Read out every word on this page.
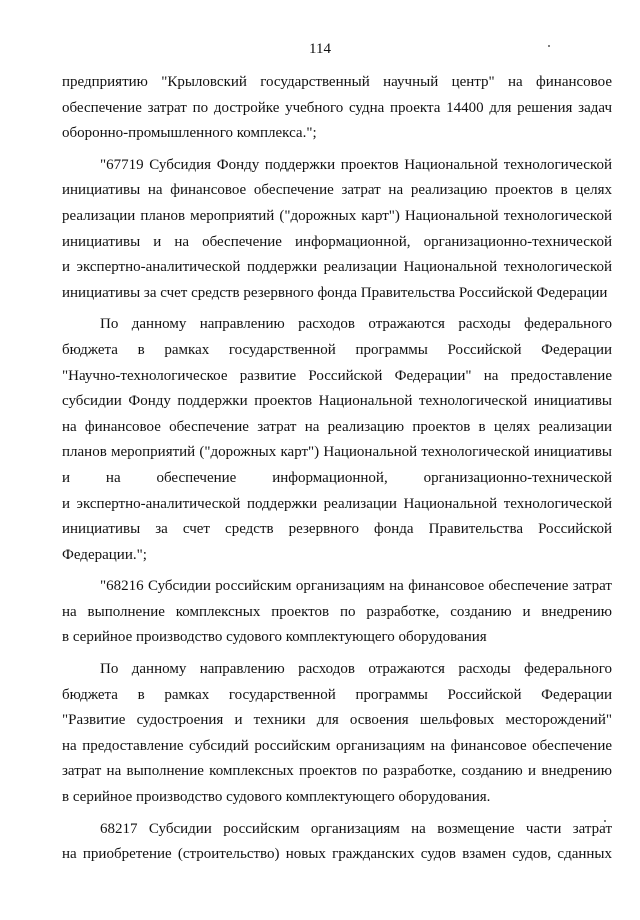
114

предприятию "Крыловский государственный научный центр" на финансовое
обеспечение затрат по достройке учебного судна проекта 14400 для решения задач
оборонно-промышленного комплекса.";

"67719 Субсидия Фонду поддержки проектов Национальной технологической
инициативы на финансовое обеспечение затрат на реализацию проектов в целях
реализации планов мероприятий ("дорожных карт") Национальной технологической
инициативы и на обеспечение информационной, организационно-технической
и экспертно-аналитической поддержки реализации Национальной технологической
инициативы за счет средств резервного фонда Правительства Российской Федерации

По данному направлению расходов отражаются расходы федерального
бюджета в рамках государственной программы Российской Федерации
"Научно-технологическое развитие Российской Федерации" на предоставление
субсидии Фонду поддержки проектов Национальной технологической инициативы
на финансовое обеспечение затрат на реализацию проектов в целях реализации
планов мероприятий ("дорожных карт") Национальной технологической инициативы
и на обеспечение информационной, организационно-технической
и экспертно-аналитической поддержки реализации Национальной технологической
инициативы за счет средств резервного фонда Правительства Российской
Федерации.";

"68216 Субсидии российским организациям на финансовое обеспечение затрат
на выполнение комплексных проектов по разработке, созданию и внедрению
в серийное производство судового комплектующего оборудования

По данному направлению расходов отражаются расходы федерального
бюджета в рамках государственной программы Российской Федерации
"Развитие судостроения и техники для освоения шельфовых месторождений"
на предоставление субсидий российским организациям на финансовое обеспечение
затрат на выполнение комплексных проектов по разработке, созданию и внедрению
в серийное производство судового комплектующего оборудования.

68217 Субсидии российским организациям на возмещение части затрат
на приобретение (строительство) новых гражданских судов взамен судов, сданных
